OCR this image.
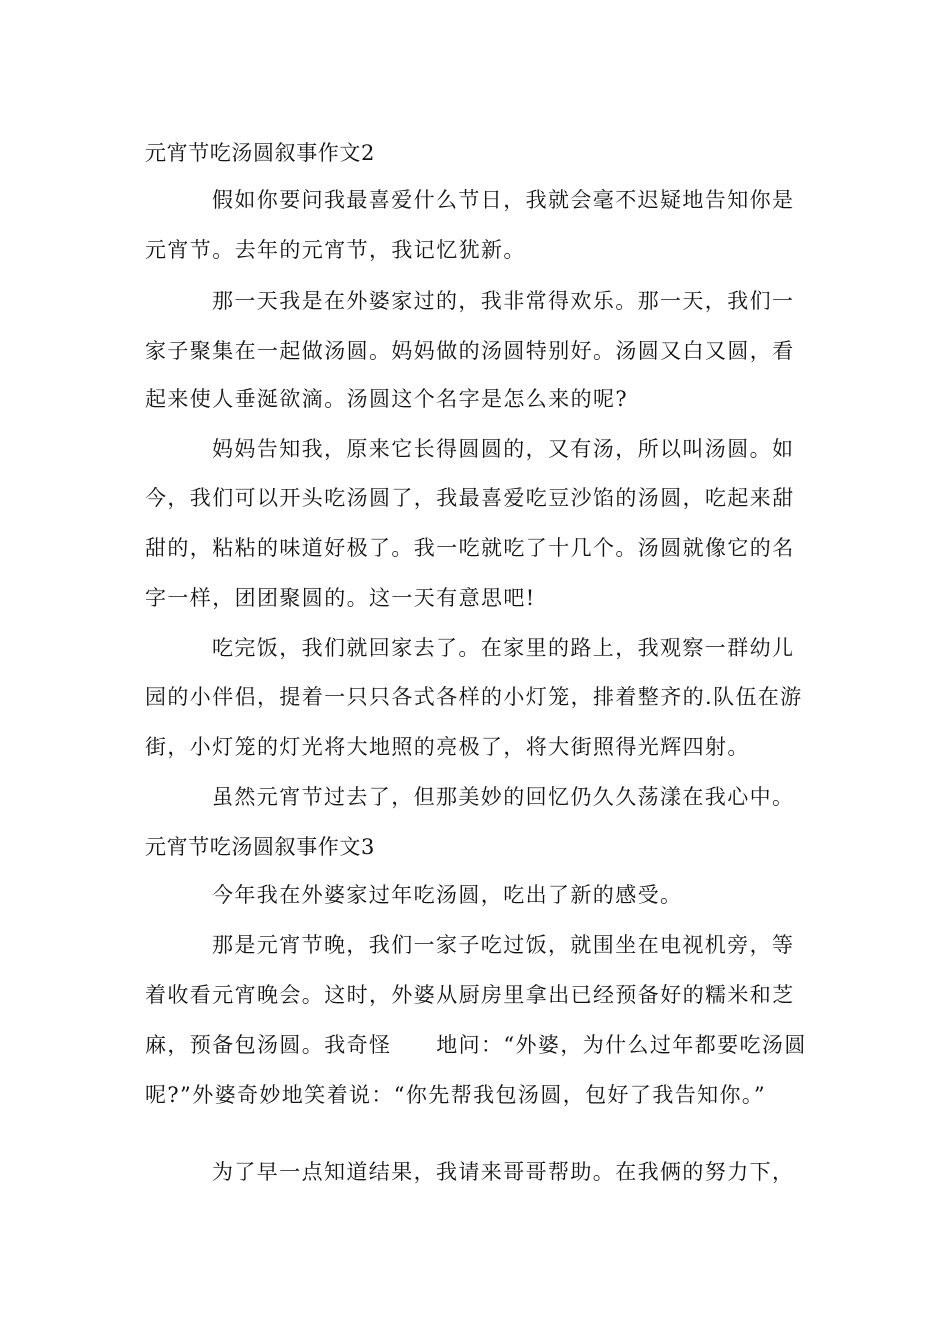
元宵节吃汤圆叙事作文2
假如你要问我最喜爱什么节日，我就会毫不迟疑地告知你是
元宵节。去年的元宵节，我记忆犹新。
那一天我是在外婆家过的，我非常得欢乐。那一天，我们一
家子聚集在一起做汤圆。妈妈做的汤圆特别好。汤圆又白又圆，看
起来使人垂涎欲滴。汤圆这个名字是怎么来的呢?
妈妈告知我，原来它长得圆圆的，又有汤，所以叫汤圆。如
今，我们可以开头吃汤圆了，我最喜爱吃豆沙馅的汤圆，吃起来甜
甜的，粘粘的味道好极了。我一吃就吃了十几个。汤圆就像它的名
字一样，团团聚圆的。这一天有意思吧!
吃完饭，我们就回家去了。在家里的路上，我观察一群幼儿
园的小伴侣，提着一只只各式各样的小灯笼，排着整齐的.队伍在游
街，小灯笼的灯光将大地照的亮极了，将大街照得光辉四射。
虽然元宵节过去了，但那美妙的回忆仍久久荡漾在我心中。
元宵节吃汤圆叙事作文3
今年我在外婆家过年吃汤圆，吃出了新的感受。
那是元宵节晚，我们一家子吃过饭，就围坐在电视机旁，等
着收看元宵晚会。这时，外婆从厨房里拿出已经预备好的糯米和芝
麻，预备包汤圆。我奇怪　　地问：“外婆，为什么过年都要吃汤圆
呢?”外婆奇妙地笑着说：“你先帮我包汤圆，包好了我告知你。”
为了早一点知道结果，我请来哥哥帮助。在我俩的努力下，
